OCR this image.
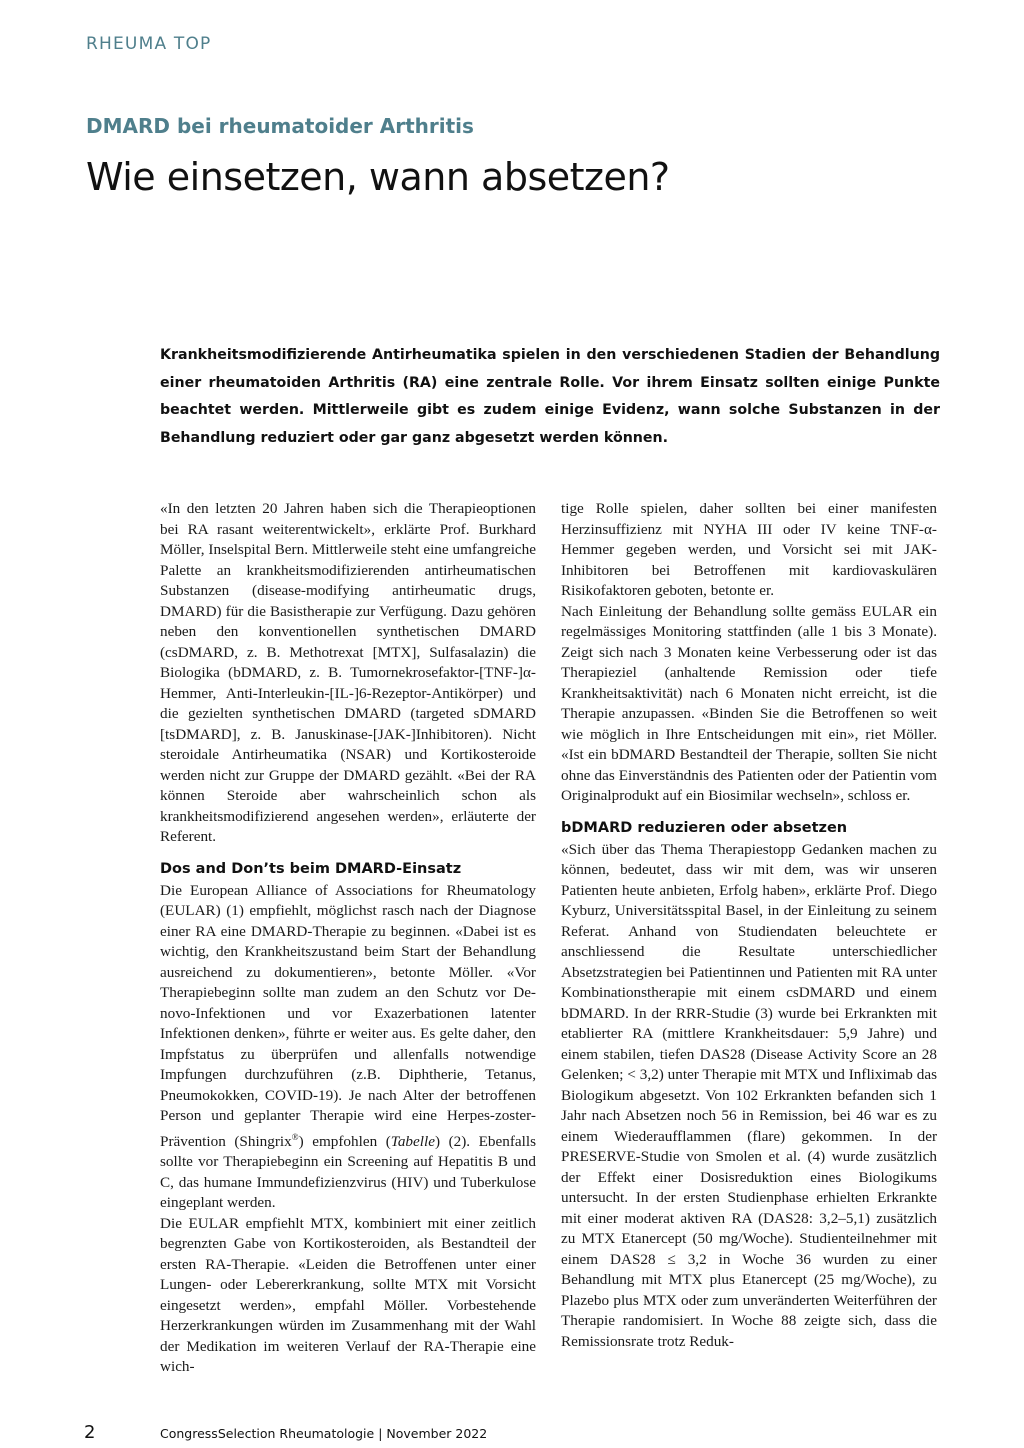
RHEUMA TOP
DMARD bei rheumatoider Arthritis
Wie einsetzen, wann absetzen?

Krankheitsmodifizierende Antirheumatika spielen in den verschiedenen Stadien der Behandlung einer rheumatoiden Arthritis (RA) eine zentrale Rolle. Vor ihrem Einsatz sollten einige Punkte beachtet werden. Mittlerweile gibt es zudem einige Evidenz, wann solche Substanzen in der Behandlung reduziert oder gar ganz abgesetzt werden können.

«In den letzten 20 Jahren haben sich die Therapieoptionen bei RA rasant weiterentwickelt», erklärte Prof. Burkhard Möller, Inselspital Bern. Mittlerweile steht eine umfangreiche Palette an krankheitsmodifizierenden antirheumatischen Substanzen (disease-modifying antirheumatic drugs, DMARD) für die Basistherapie zur Verfügung. Dazu gehören neben den konventionellen synthetischen DMARD (csDMARD, z. B. Methotrexat [MTX], Sulfasalazin) die Biologika (bDMARD, z. B. Tumornekrosefaktor-[TNF-]α-Hemmer, Anti-Interleukin-[IL-]6-Rezeptor-Antikörper) und die gezielten synthetischen DMARD (targeted sDMARD [tsDMARD], z. B. Januskinase-[JAK-]Inhibitoren). Nicht steroidale Antirheumatika (NSAR) und Kortikosteroide werden nicht zur Gruppe der DMARD gezählt. «Bei der RA können Steroide aber wahrscheinlich schon als krankheitsmodifizierend angesehen werden», erläuterte der Referent.

Dos and Don’ts beim DMARD-Einsatz

Die European Alliance of Associations for Rheumatology (EULAR) (1) empfiehlt, möglichst rasch nach der Diagnose einer RA eine DMARD-Therapie zu beginnen. «Dabei ist es wichtig, den Krankheitszustand beim Start der Behandlung ausreichend zu dokumentieren», betonte Möller. «Vor Therapiebeginn sollte man zudem an den Schutz vor De-novo-Infektionen und vor Exazerbationen latenter Infektionen denken», führte er weiter aus. Es gelte daher, den Impfstatus zu überprüfen und allenfalls notwendige Impfungen durchzuführen (z.B. Diphtherie, Tetanus, Pneumokokken, COVID-19). Je nach Alter der betroffenen Person und geplanter Therapie wird eine Herpes-zoster-Prävention (Shingrix®) empfohlen (Tabelle) (2). Ebenfalls sollte vor Therapiebeginn ein Screening auf Hepatitis B und C, das humane Immundefizienzvirus (HIV) und Tuberkulose eingeplant werden.

Die EULAR empfiehlt MTX, kombiniert mit einer zeitlich begrenzten Gabe von Kortikosteroiden, als Bestandteil der ersten RA-Therapie. «Leiden die Betroffenen unter einer Lungen- oder Lebererkrankung, sollte MTX mit Vorsicht eingesetzt werden», empfahl Möller. Vorbestehende Herzerkrankungen würden im Zusammenhang mit der Wahl der Medikation im weiteren Verlauf der RA-Therapie eine wich-

tige Rolle spielen, daher sollten bei einer manifesten Herzinsuffizienz mit NYHA III oder IV keine TNF-α-Hemmer gegeben werden, und Vorsicht sei mit JAK-Inhibitoren bei Betroffenen mit kardiovaskulären Risikofaktoren geboten, betonte er.

Nach Einleitung der Behandlung sollte gemäss EULAR ein regelmässiges Monitoring stattfinden (alle 1 bis 3 Monate). Zeigt sich nach 3 Monaten keine Verbesserung oder ist das Therapieziel (anhaltende Remission oder tiefe Krankheitsaktivität) nach 6 Monaten nicht erreicht, ist die Therapie anzupassen. «Binden Sie die Betroffenen so weit wie möglich in Ihre Entscheidungen mit ein», riet Möller. «Ist ein bDMARD Bestandteil der Therapie, sollten Sie nicht ohne das Einverständnis des Patienten oder der Patientin vom Originalprodukt auf ein Biosimilar wechseln», schloss er.

bDMARD reduzieren oder absetzen

«Sich über das Thema Therapiestopp Gedanken machen zu können, bedeutet, dass wir mit dem, was wir unseren Patienten heute anbieten, Erfolg haben», erklärte Prof. Diego Kyburz, Universitätsspital Basel, in der Einleitung zu seinem Referat. Anhand von Studiendaten beleuchtete er anschliessend die Resultate unterschiedlicher Absetzstrategien bei Patientinnen und Patienten mit RA unter Kombinationstherapie mit einem csDMARD und einem bDMARD. In der RRR-Studie (3) wurde bei Erkrankten mit etablierter RA (mittlere Krankheitsdauer: 5,9 Jahre) und einem stabilen, tiefen DAS28 (Disease Activity Score an 28 Gelenken; < 3,2) unter Therapie mit MTX und Infliximab das Biologikum abgesetzt. Von 102 Erkrankten befanden sich 1 Jahr nach Absetzen noch 56 in Remission, bei 46 war es zu einem Wiederaufflammen (flare) gekommen. In der PRESERVE-Studie von Smolen et al. (4) wurde zusätzlich der Effekt einer Dosisreduktion eines Biologikums untersucht. In der ersten Studienphase erhielten Erkrankte mit einer moderat aktiven RA (DAS28: 3,2–5,1) zusätzlich zu MTX Etanercept (50 mg/Woche). Studienteilnehmer mit einem DAS28 ≤ 3,2 in Woche 36 wurden zu einer Behandlung mit MTX plus Etanercept (25 mg/Woche), zu Plazebo plus MTX oder zum unveränderten Weiterführen der Therapie randomisiert. In Woche 88 zeigte sich, dass die Remissionsrate trotz Reduk-

2	CongressSelection Rheumatologie | November 2022
